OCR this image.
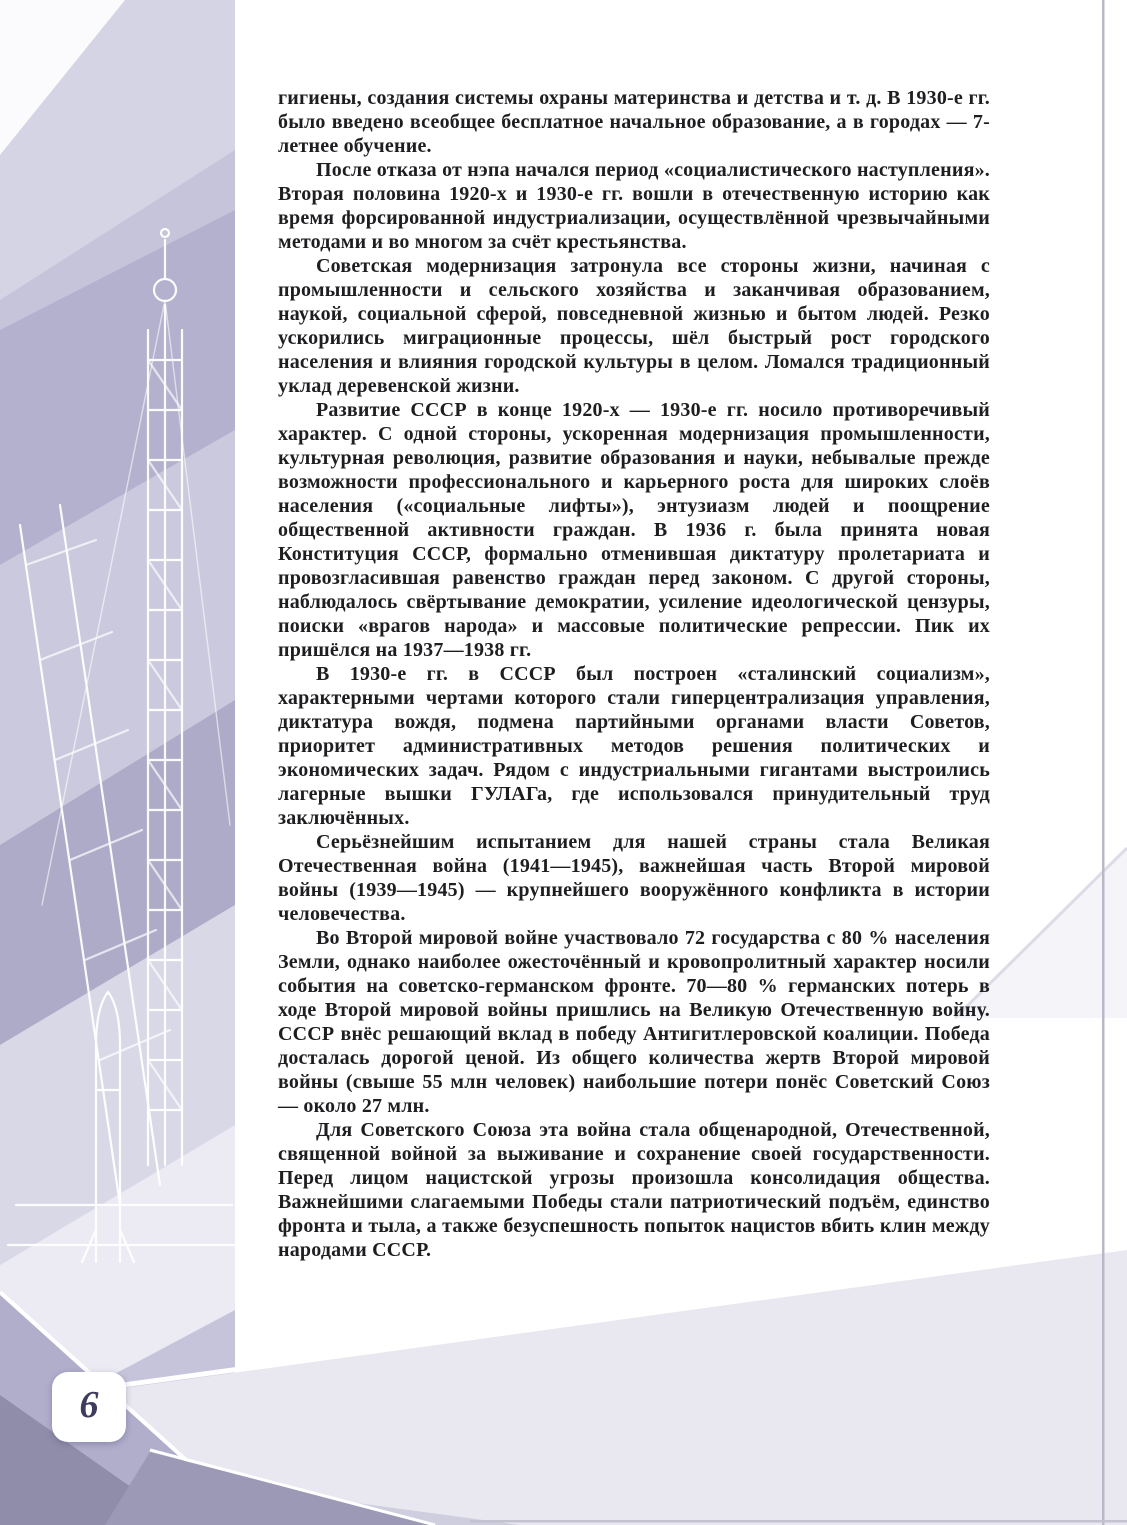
6

гигиены, создания системы охраны материнства и детства и т. д. В 1930-е гг. было введено всеобщее бесплатное начальное образование, а в городах — 7-летнее обучение.

После отказа от нэпа начался период «социалистического наступления». Вторая половина 1920-х и 1930-е гг. вошли в отечественную историю как время форсированной индустриализации, осуществлённой чрезвычайными методами и во многом за счёт крестьянства.

Советская модернизация затронула все стороны жизни, начиная с промышленности и сельского хозяйства и заканчивая образованием, наукой, социальной сферой, повседневной жизнью и бытом людей. Резко ускорились миграционные процессы, шёл быстрый рост городского населения и влияния городской культуры в целом. Ломался традиционный уклад деревенской жизни.

Развитие СССР в конце 1920-х — 1930-е гг. носило противоречивый характер. С одной стороны, ускоренная модернизация промышленности, культурная революция, развитие образования и науки, небывалые прежде возможности профессионального и карьерного роста для широких слоёв населения («социальные лифты»), энтузиазм людей и поощрение общественной активности граждан. В 1936 г. была принята новая Конституция СССР, формально отменившая диктатуру пролетариата и провозгласившая равенство граждан перед законом. С другой стороны, наблюдалось свёртывание демократии, усиление идеологической цензуры, поиски «врагов народа» и массовые политические репрессии. Пик их пришёлся на 1937—1938 гг.

В 1930-е гг. в СССР был построен «сталинский социализм», характерными чертами которого стали гиперцентрализация управления, диктатура вождя, подмена партийными органами власти Советов, приоритет административных методов решения политических и экономических задач. Рядом с индустриальными гигантами выстроились лагерные вышки ГУЛАГа, где использовался принудительный труд заключённых.

Серьёзнейшим испытанием для нашей страны стала Великая Отечественная война (1941—1945), важнейшая часть Второй мировой войны (1939—1945) — крупнейшего вооружённого конфликта в истории человечества.

Во Второй мировой войне участвовало 72 государства с 80 % населения Земли, однако наиболее ожесточённый и кровопролитный характер носили события на советско-германском фронте. 70—80 % германских потерь в ходе Второй мировой войны пришлись на Великую Отечественную войну. СССР внёс решающий вклад в победу Антигитлеровской коалиции. Победа досталась дорогой ценой. Из общего количества жертв Второй мировой войны (свыше 55 млн человек) наибольшие потери понёс Советский Союз — около 27 млн.

Для Советского Союза эта война стала общенародной, Отечественной, священной войной за выживание и сохранение своей государственности. Перед лицом нацистской угрозы произошла консолидация общества. Важнейшими слагаемыми Победы стали патриотический подъём, единство фронта и тыла, а также безуспешность попыток нацистов вбить клин между народами СССР.
